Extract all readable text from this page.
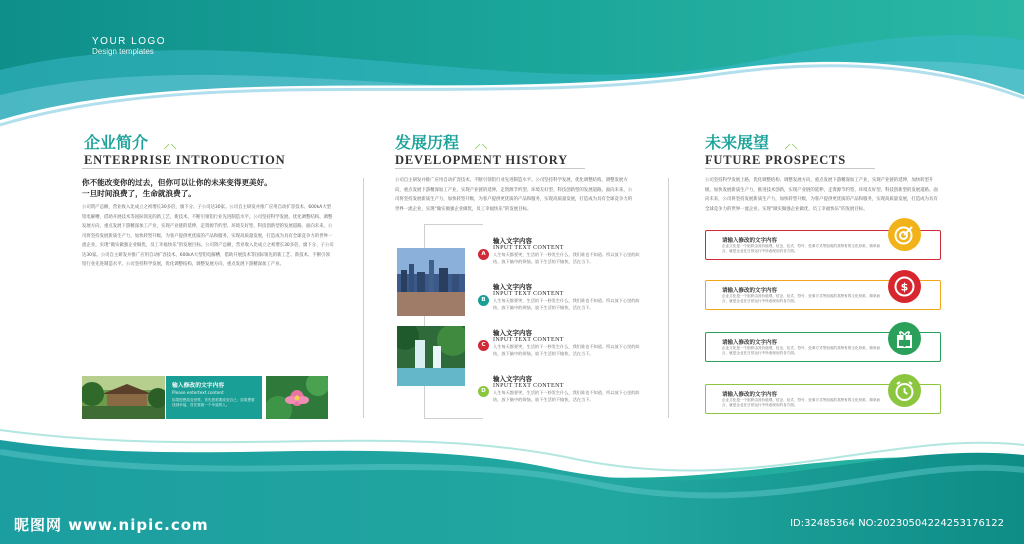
YOUR LOGO
Design templates
企业简介 ⸝⸜
ENTERPRISE INTRODUCTION
你不能改变你的过去，但你可以让你的未来变得更美好。
一旦时间浪费了，生命就浪费了。
公司资产总额，营业收入比成立之初增长30多倍，旗下分、子公司达30家。公司自主研发并推广应用自动扩容技术、600kA大型铝电解槽，借助开展技术等国际领先的新工艺、新技术、不断引领铝行业先进制造水平。公司坚持科学发展、优化调整结构、调整发展方向，重点发展下游精深加工产业，实现产业链的延伸，走资源节约型、环境友好型、科技创新型的发展道路。面向未来，公司将坚持发展新质生产力，加快转型升级，为客户提供更优质的产品和服务，实现高质量发展，打造成为具有全球竞争力的世界一流企业。实现“做实做强企业做优，员工幸福快乐”的发展目标。公司资产总额，营业收入比成立之初增长30多倍，旗下分、子公司达30家。公司自主研发并推广应用自动扩容技术、600kA大型铝电解槽，借助开展技术等国际领先的新工艺、新技术、不断引领铝行业先进制造水平。公司坚持科学发展，优化调整结构，调整发展方向，重点发展下游精深加工产业。
输入修改的文字内容
Please entertext content
如果您想改变世界，首先您需要改变自己；如果想要找到幸福，首先要做一个幸福的人。
发展历程 ⸝⸜
DEVELOPMENT HISTORY
公司自主研发并推广应用自动扩容技术、不断引领铝行业先进制造水平。公司坚持科学发展，优化调整结构，调整发展方向，重点发展下游精深加工产业，实现产业链的延伸，走资源节约型、环境友好型、科技创新型的发展道路。面向未来，公司将坚持发展新质生产力，加快转型升级，为客户提供更优质的产品和服务，实现高质量发展，打造成为具有全球竞争力的世界一流企业，实现“做实做强企业做优，员工幸福快乐”的发展目标。
A
B
C
D
输入文字内容
INPUT TEXT CONTENT
人生每天都要笑，生活的下一秒发生什么，我们谁也不知道。所以放下心里的纠结，放下脑中的烦恼，放下生活的不愉快，活在当下。
输入文字内容
INPUT TEXT CONTENT
人生每天都要笑，生活的下一秒发生什么，我们谁也不知道。所以放下心里的纠结，放下脑中的烦恼，放下生活的不愉快，活在当下。
输入文字内容
INPUT TEXT CONTENT
人生每天都要笑，生活的下一秒发生什么，我们谁也不知道。所以放下心里的纠结，放下脑中的烦恼，放下生活的不愉快，活在当下。
输入文字内容
INPUT TEXT CONTENT
人生每天都要笑，生活的下一秒发生什么，我们谁也不知道。所以放下心里的纠结，放下脑中的烦恼，放下生活的不愉快，活在当下。
未来展望 ⸝⸜
FUTURE PROSPECTS
公司坚持科学发展上路，优化调整结构，调整发展方向，重点发展下游精深加工产业，实现产业链的延伸，加快转型升级，加快发展新质生产力，推进技术创新，实现产业链的延伸，走资源节约型、环境友好型、科技创新型的发展道路。面向未来，公司将坚持发展新质生产力，加快转型升级，为客户提供更优质的产品和服务，实现高质量发展，打造成为具有全球竞争力的世界一流企业。实现“做实做强企业做优，员工幸福快乐”的发展目标。
请输入修改的文字内容
企业文化是一个组织由其价值观、信念、仪式、符号、处事方式等组成的其特有的文化形象，简单而言，就是企业在日常运行中所表现出的各方面。
请输入修改的文字内容
企业文化是一个组织由其价值观、信念、仪式、符号、处事方式等组成的其特有的文化形象，简单而言，就是企业在日常运行中所表现出的各方面。
请输入修改的文字内容
企业文化是一个组织由其价值观、信念、仪式、符号、处事方式等组成的其特有的文化形象，简单而言，就是企业在日常运行中所表现出的各方面。
请输入修改的文字内容
企业文化是一个组织由其价值观、信念、仪式、符号、处事方式等组成的其特有的文化形象，简单而言，就是企业在日常运行中所表现出的各方面。
$
昵图网 www.nipic.com	ID:32485364 NO:20230504224253176122
